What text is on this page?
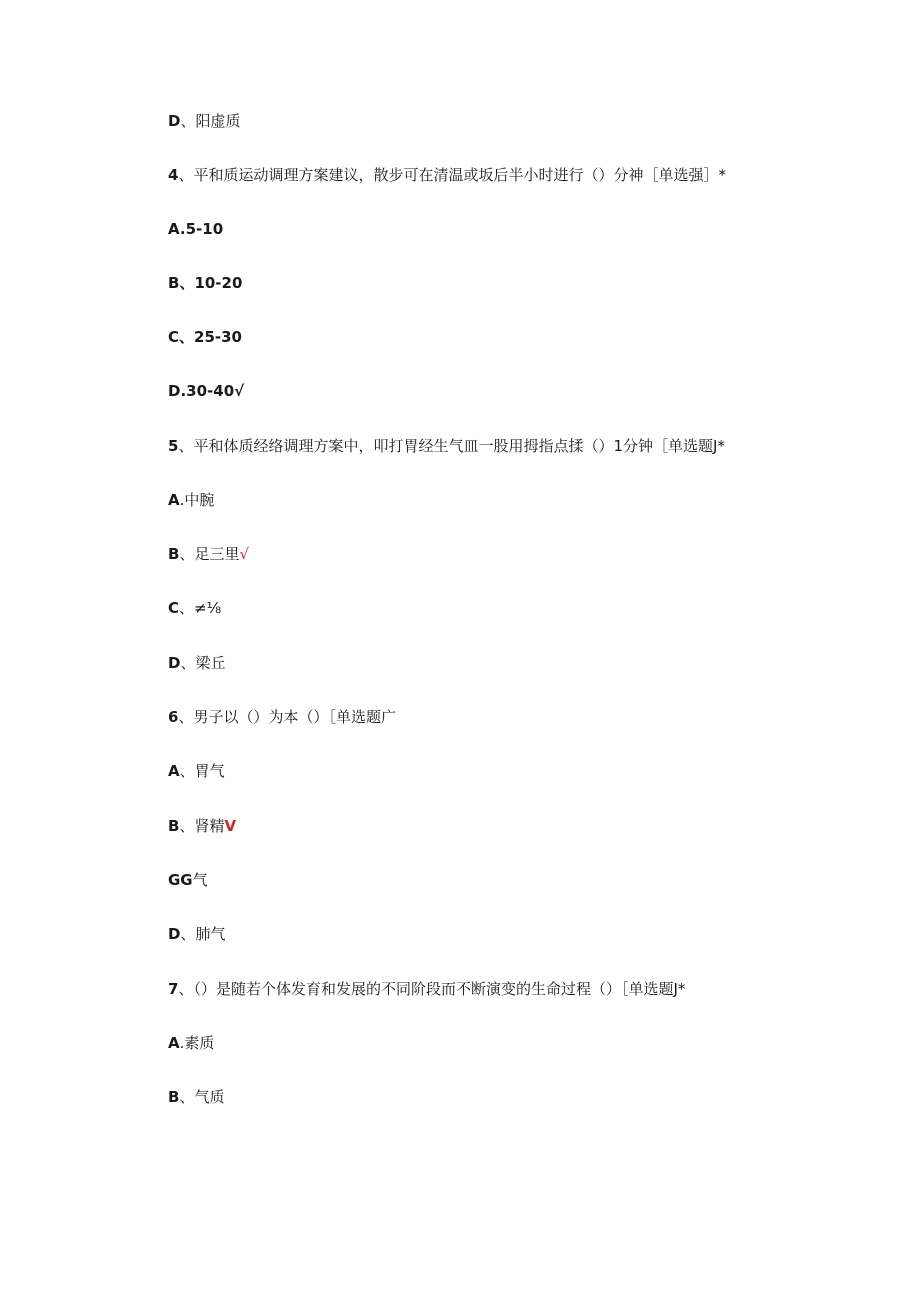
D、阳虚质
4、平和质运动调理方案建议，散步可在清温或坂后半小时进行（）分神［单选强］*
A.5-10
B、10-20
C、25-30
D.30-40√
5、平和体质经络调理方案中，叩打胃经生气皿一股用拇指点揉（）1分钟［单选题J*
A.中腕
B、足三里√
C、≠⅛
D、梁丘
6、男子以（）为本（）［单选题广
A、胃气
B、肾精V
GG气
D、肺气
7、（）是随若个体发育和发展的不同阶段而不断演变的生命过程（）［单选题J*
A.素质
B、气质
